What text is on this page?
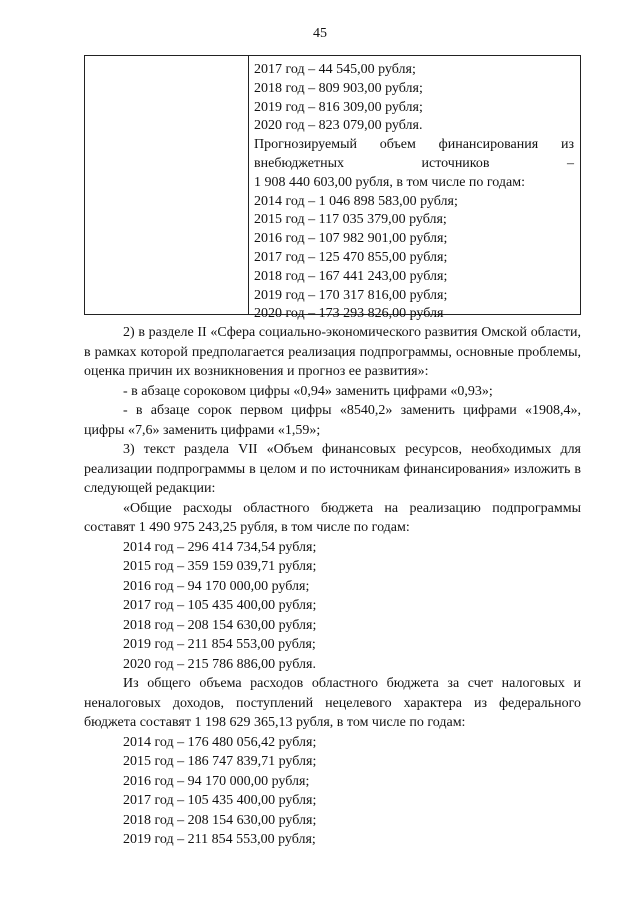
45
2017 год – 44 545,00 рубля;
2018 год – 809 903,00 рубля;
2019 год – 816 309,00 рубля;
2020 год – 823 079,00 рубля.
Прогнозируемый объем финансирования из
внебюджетных	источников	–
1 908 440 603,00 рубля, в том числе по годам:
2014 год – 1 046 898 583,00 рубля;
2015 год – 117 035 379,00 рубля;
2016 год – 107 982 901,00 рубля;
2017 год – 125 470 855,00 рубля;
2018 год – 167 441 243,00 рубля;
2019 год – 170 317 816,00 рубля;
2020 год – 173 293 826,00 рубля
2) в разделе II «Сфера социально-экономического развития Омской области, в рамках которой предполагается реализация подпрограммы, основные проблемы, оценка причин их возникновения и прогноз ее развития»:
- в абзаце сороковом цифры «0,94» заменить цифрами «0,93»;
- в абзаце сорок первом цифры «8540,2» заменить цифрами «1908,4», цифры «7,6» заменить цифрами «1,59»;
3) текст раздела VII «Объем финансовых ресурсов, необходимых для реализации подпрограммы в целом и по источникам финансирования» изложить в следующей редакции:
«Общие расходы областного бюджета на реализацию подпрограммы составят 1 490 975 243,25 рубля, в том числе по годам:
2014 год – 296 414 734,54 рубля;
2015 год – 359 159 039,71 рубля;
2016 год – 94 170 000,00 рубля;
2017 год – 105 435 400,00 рубля;
2018 год – 208 154 630,00 рубля;
2019 год – 211 854 553,00 рубля;
2020 год – 215 786 886,00 рубля.
Из общего объема расходов областного бюджета за счет налоговых и неналоговых доходов, поступлений нецелевого характера из федерального бюджета составят 1 198 629 365,13 рубля, в том числе по годам:
2014 год – 176 480 056,42 рубля;
2015 год – 186 747 839,71 рубля;
2016 год – 94 170 000,00 рубля;
2017 год – 105 435 400,00 рубля;
2018 год – 208 154 630,00 рубля;
2019 год – 211 854 553,00 рубля;
